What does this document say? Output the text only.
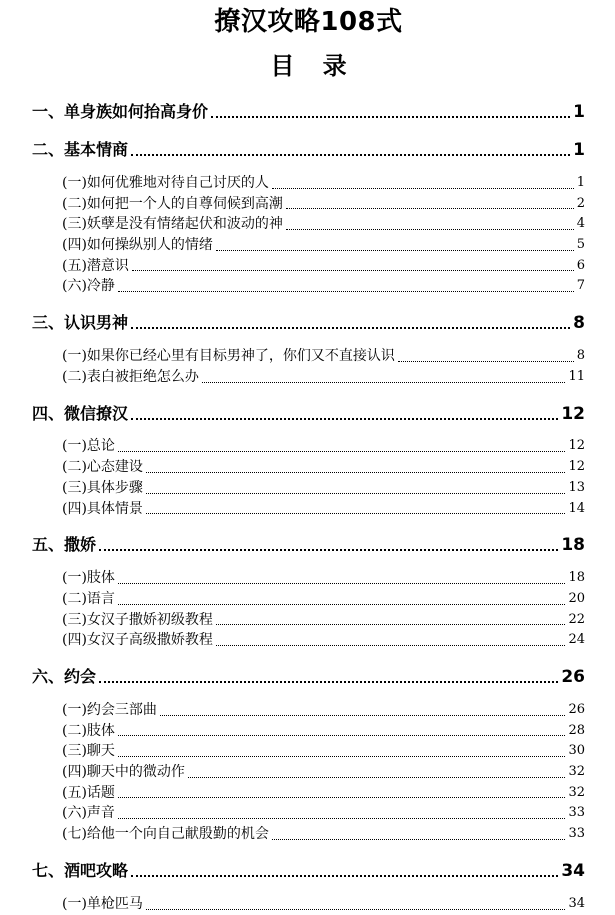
撩汉攻略108式
目 录
一、单身族如何抬高身价	1
二、基本情商	1
(一)如何优雅地对待自己讨厌的人	1
(二)如何把一个人的自尊伺候到高潮	2
(三)妖孽是没有情绪起伏和波动的神	4
(四)如何操纵别人的情绪	5
(五)潜意识	6
(六)冷静	7
三、认识男神	8
(一)如果你已经心里有目标男神了，你们又不直接认识	8
(二)表白被拒绝怎么办	11
四、微信撩汉	12
(一)总论	12
(二)心态建设	12
(三)具体步骤	13
(四)具体情景	14
五、撒娇	18
(一)肢体	18
(二)语言	20
(三)女汉子撒娇初级教程	22
(四)女汉子高级撒娇教程	24
六、约会	26
(一)约会三部曲	26
(二)肢体	28
(三)聊天	30
(四)聊天中的微动作	32
(五)话题	32
(六)声音	33
(七)给他一个向自己献殷勤的机会	33
七、酒吧攻略	34
(一)单枪匹马	34
